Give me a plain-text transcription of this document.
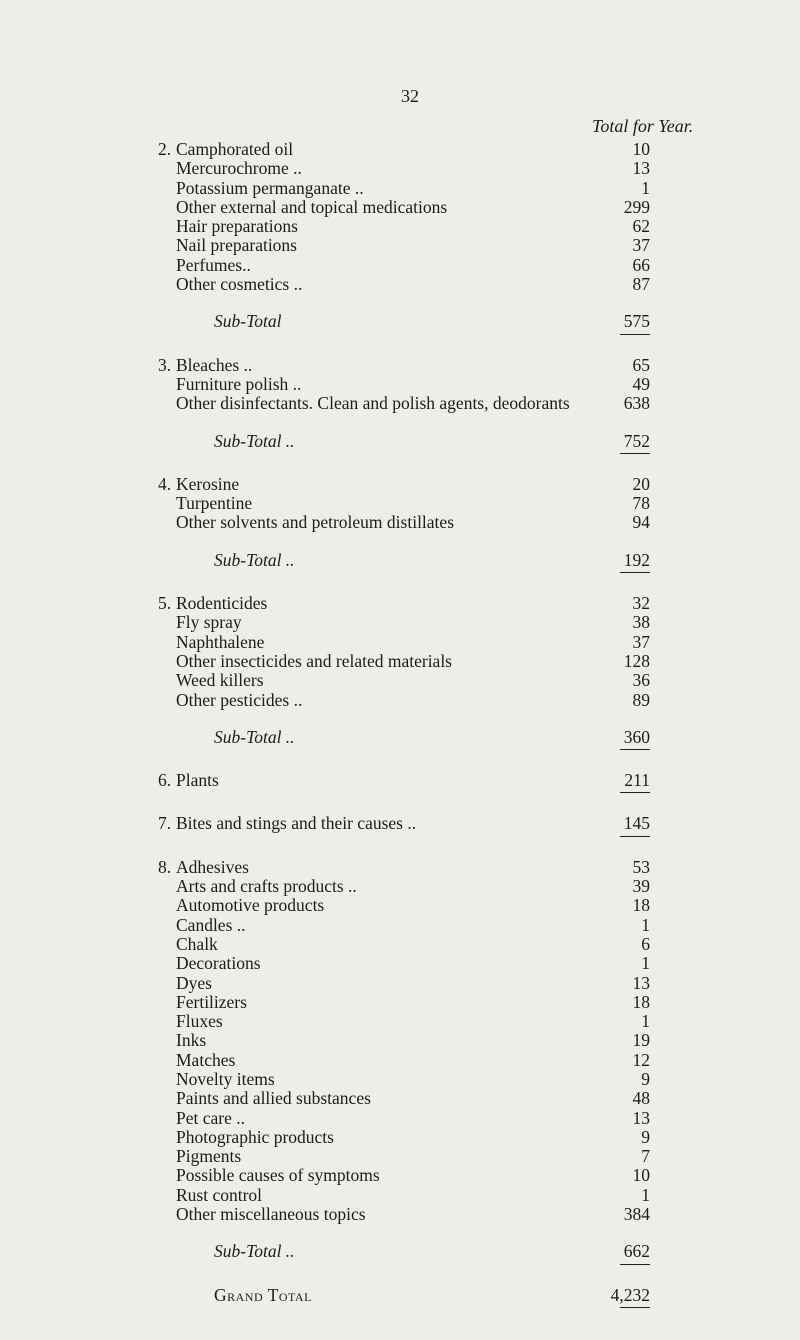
32
Total for Year.
2. Camphorated oil	10
Mercurochrome ..	13
Potassium permanganate ..	1
Other external and topical medications	299
Hair preparations	62
Nail preparations	37
Perfumes..	66
Other cosmetics ..	87
Sub-Total	575
3. Bleaches ..	65
Furniture polish ..	49
Other disinfectants. Clean and polish agents, deodorants	638
Sub-Total ..	752
4. Kerosine	20
Turpentine	78
Other solvents and petroleum distillates	94
Sub-Total ..	192
5. Rodenticides	32
Fly spray	38
Naphthalene	37
Other insecticides and related materials	128
Weed killers	36
Other pesticides ..	89
Sub-Total ..	360
6. Plants	211
7. Bites and stings and their causes ..	145
8. Adhesives	53
Arts and crafts products ..	39
Automotive products	18
Candles ..	1
Chalk	6
Decorations	1
Dyes	13
Fertilizers	18
Fluxes	1
Inks	19
Matches	12
Novelty items	9
Paints and allied substances	48
Pet care ..	13
Photographic products	9
Pigments	7
Possible causes of symptoms	10
Rust control	1
Other miscellaneous topics	384
Sub-Total ..	662
Grand Total	4,232
